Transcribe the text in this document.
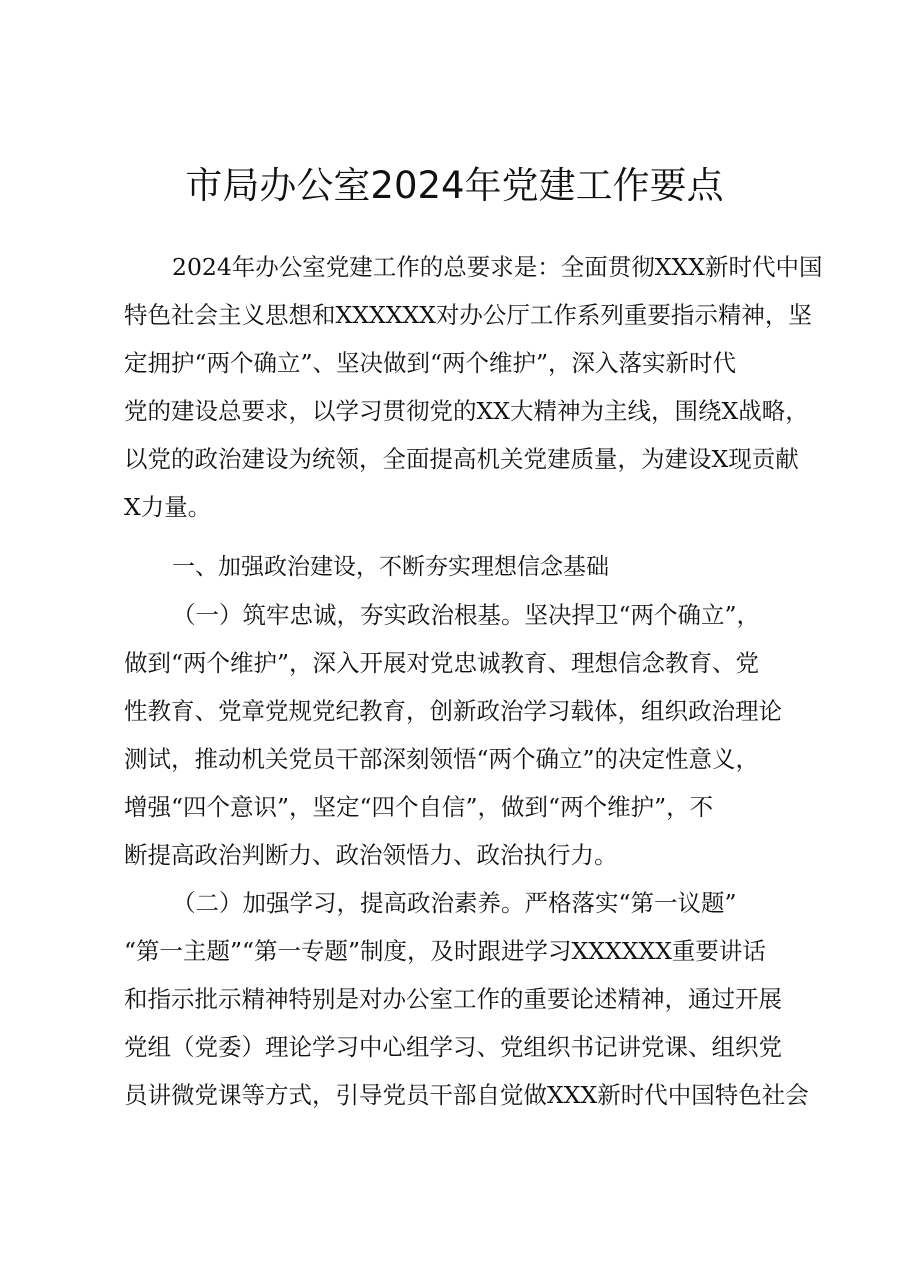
市局办公室2024年党建工作要点
2024年办公室党建工作的总要求是：全面贯彻XXX新时代中国
特色社会主义思想和XXXXXX对办公厅工作系列重要指示精神，坚
定拥护“两个确立”、坚决做到“两个维护”，深入落实新时代
党的建设总要求，以学习贯彻党的XX大精神为主线，围绕X战略，
以党的政治建设为统领，全面提高机关党建质量，为建设X现贡献
X力量。
一、加强政治建设，不断夯实理想信念基础
（一）筑牢忠诚，夯实政治根基。坚决捍卫“两个确立”，
做到“两个维护”，深入开展对党忠诚教育、理想信念教育、党
性教育、党章党规党纪教育，创新政治学习载体，组织政治理论
测试，推动机关党员干部深刻领悟“两个确立”的决定性意义，
增强“四个意识”，坚定“四个自信”，做到“两个维护”，不
断提高政治判断力、政治领悟力、政治执行力。
（二）加强学习，提高政治素养。严格落实“第一议题”
“第一主题”“第一专题”制度，及时跟进学习XXXXXX重要讲话
和指示批示精神特别是对办公室工作的重要论述精神，通过开展
党组（党委）理论学习中心组学习、党组织书记讲党课、组织党
员讲微党课等方式，引导党员干部自觉做XXX新时代中国特色社会
